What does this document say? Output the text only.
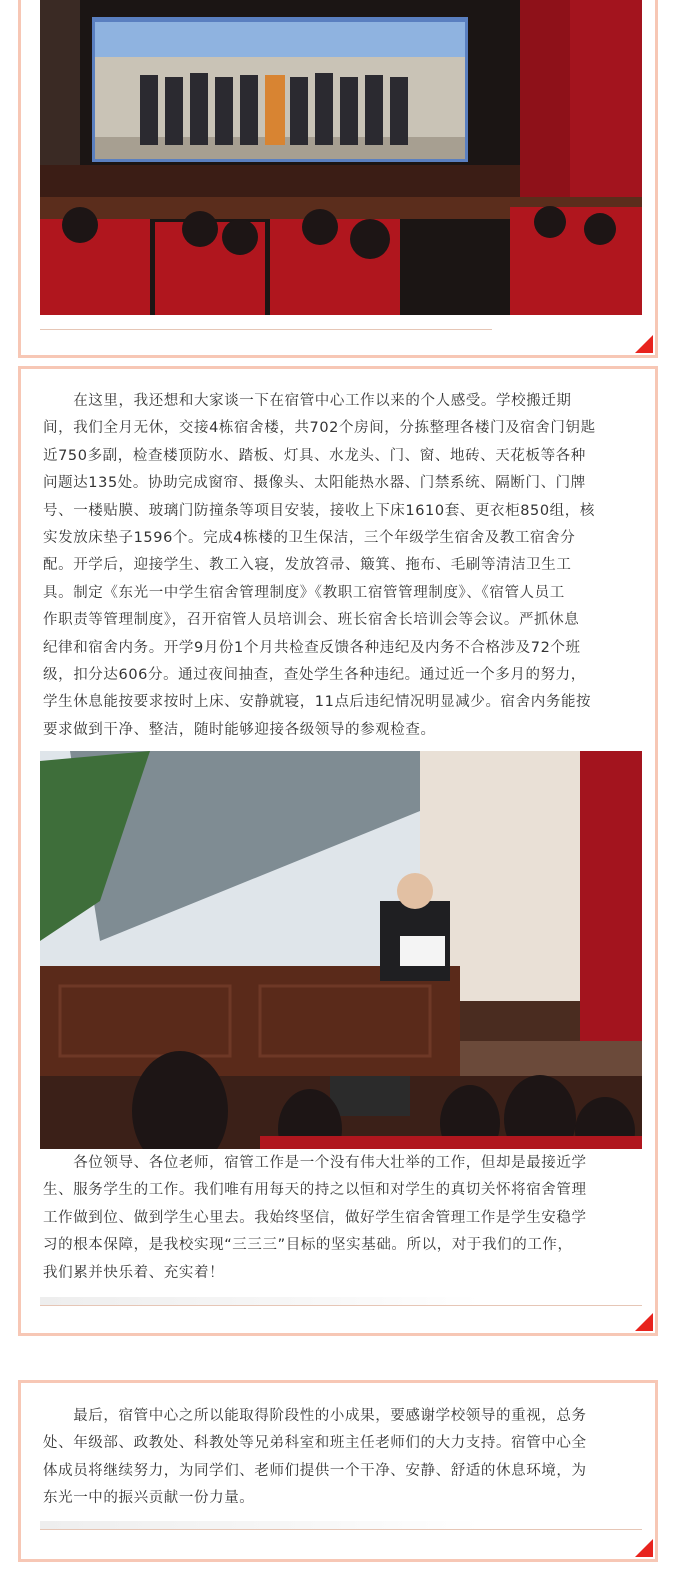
　　在这里，我还想和大家谈一下在宿管中心工作以来的个人感受。学校搬迁期
间，我们全月无休，交接4栋宿舍楼，共702个房间，分拣整理各楼门及宿舍门钥匙
近750多副，检查楼顶防水、踏板、灯具、水龙头、门、窗、地砖、天花板等各种
问题达135处。协助完成窗帘、摄像头、太阳能热水器、门禁系统、隔断门、门牌
号、一楼贴膜、玻璃门防撞条等项目安装，接收上下床1610套、更衣柜850组，核
实发放床垫子1596个。完成4栋楼的卫生保洁，三个年级学生宿舍及教工宿舍分
配。开学后，迎接学生、教工入寝，发放笤帚、簸箕、拖布、毛刷等清洁卫生工
具。制定《东光一中学生宿舍管理制度》《教职工宿管管理制度》、《宿管人员工
作职责等管理制度》，召开宿管人员培训会、班长宿舍长培训会等会议。严抓休息
纪律和宿舍内务。开学9月份1个月共检查反馈各种违纪及内务不合格涉及72个班
级，扣分达606分。通过夜间抽查，查处学生各种违纪。通过近一个多月的努力，
学生休息能按要求按时上床、安静就寝，11点后违纪情况明显减少。宿舍内务能按
要求做到干净、整洁，随时能够迎接各级领导的参观检查。
　　各位领导、各位老师，宿管工作是一个没有伟大壮举的工作，但却是最接近学
生、服务学生的工作。我们唯有用每天的持之以恒和对学生的真切关怀将宿舍管理
工作做到位、做到学生心里去。我始终坚信，做好学生宿舍管理工作是学生安稳学
习的根本保障，是我校实现“三三三”目标的坚实基础。所以，对于我们的工作，
我们累并快乐着、充实着！
　　最后，宿管中心之所以能取得阶段性的小成果，要感谢学校领导的重视，总务
处、年级部、政教处、科教处等兄弟科室和班主任老师们的大力支持。宿管中心全
体成员将继续努力，为同学们、老师们提供一个干净、安静、舒适的休息环境，为
东光一中的振兴贡献一份力量。
